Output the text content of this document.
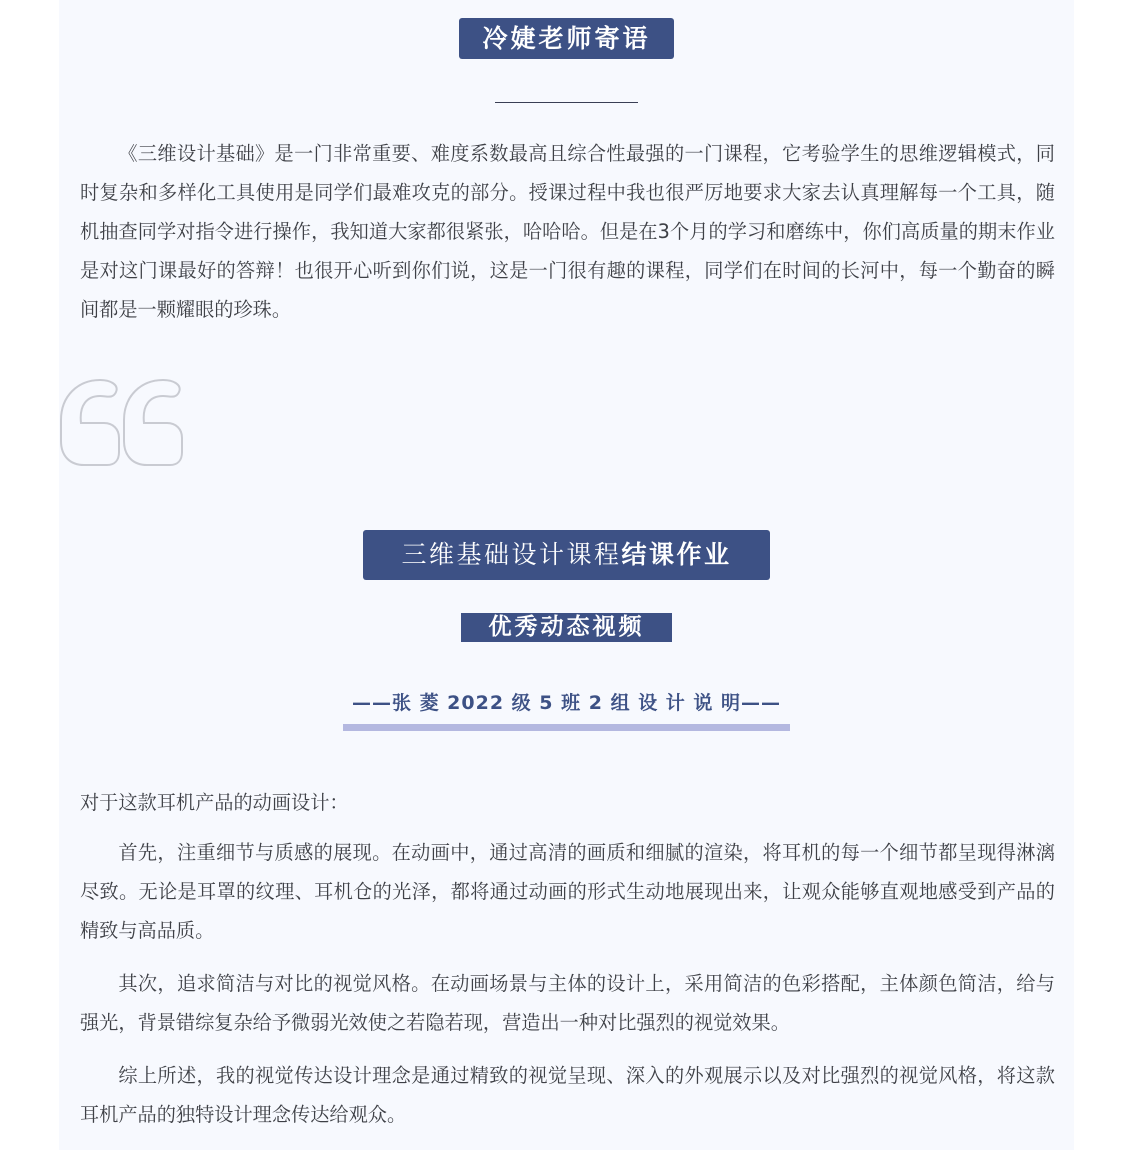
冷婕老师寄语

《三维设计基础》是一门非常重要、难度系数最高且综合性最强的一门课程，它考验学生的思维逻辑模式，同时复杂和多样化工具使用是同学们最难攻克的部分。授课过程中我也很严厉地要求大家去认真理解每一个工具，随机抽查同学对指令进行操作，我知道大家都很紧张，哈哈哈。但是在3个月的学习和磨练中，你们高质量的期末作业是对这门课最好的答辩！也很开心听到你们说，这是一门很有趣的课程，同学们在时间的长河中，每一个勤奋的瞬间都是一颗耀眼的珍珠。

三维基础设计课程结课作业
优秀动态视频
——张 菱 2022 级 5 班 2 组 设 计 说 明——

对于这款耳机产品的动画设计：

首先，注重细节与质感的展现。在动画中，通过高清的画质和细腻的渲染，将耳机的每一个细节都呈现得淋漓尽致。无论是耳罩的纹理、耳机仓的光泽，都将通过动画的形式生动地展现出来，让观众能够直观地感受到产品的精致与高品质。

其次，追求简洁与对比的视觉风格。在动画场景与主体的设计上，采用简洁的色彩搭配，主体颜色简洁，给与强光，背景错综复杂给予微弱光效使之若隐若现，营造出一种对比强烈的视觉效果。

综上所述，我的视觉传达设计理念是通过精致的视觉呈现、深入的外观展示以及对比强烈的视觉风格，将这款耳机产品的独特设计理念传达给观众。
